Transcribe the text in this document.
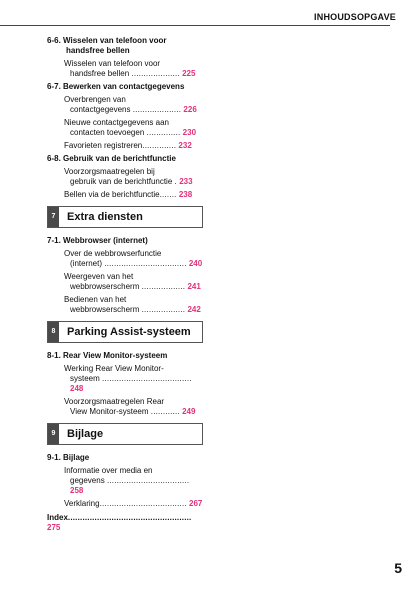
INHOUDSOPGAVE
6-6. Wisselen van telefoon voor
handsfree bellen
Wisselen van telefoon voor
handsfree bellen .................... 225
6-7. Bewerken van contactgegevens
Overbrengen van
contactgegevens .................... 226
Nieuwe contactgegevens aan
contacten toevoegen .............. 230
Favorieten registreren.............. 232
6-8. Gebruik van de berichtfunctie
Voorzorgsmaatregelen bij
gebruik van de berichtfunctie . 233
Bellen via de berichtfunctie....... 238
7	Extra diensten
7-1. Webbrowser (internet)
Over de webbrowserfunctie
(internet) .................................. 240
Weergeven van het
webbrowserscherm .................. 241
Bedienen van het
webbrowserscherm .................. 242
8	Parking Assist-systeem
8-1. Rear View Monitor-systeem
Werking Rear View Monitor-
systeem ..................................... 248
Voorzorgsmaatregelen Rear
View Monitor-systeem ............ 249
9	Bijlage
9-1. Bijlage
Informatie over media en
gegevens .................................. 258
Verklaring.................................... 267
Index................................................... 275
5
